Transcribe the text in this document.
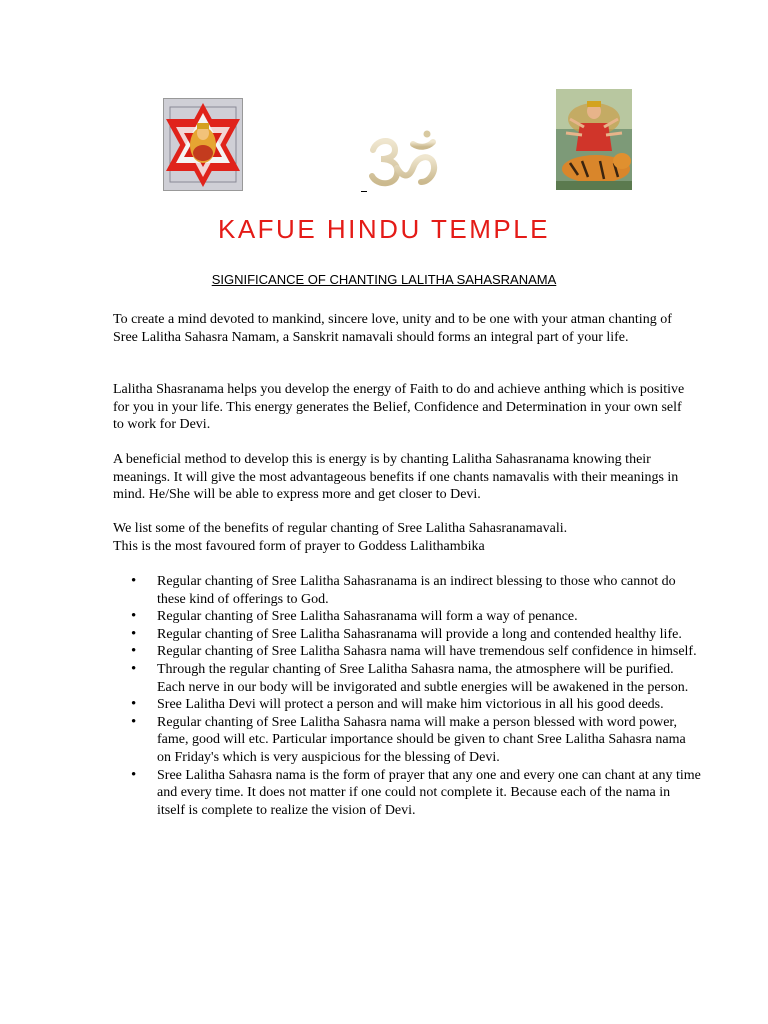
KAFUE HINDU TEMPLE
SIGNIFICANCE OF CHANTING LALITHA SAHASRANAMA

To create a mind devoted to mankind, sincere love, unity and to be one with your atman chanting of Sree Lalitha Sahasra Namam, a Sanskrit namavali should forms an integral part of your life.

Lalitha Shasranama helps you develop the energy of Faith to do and achieve anthing which is positive for you in your life. This energy generates the Belief, Confidence and Determination in your own self to work for Devi.

A beneficial method to develop this is energy is by chanting Lalitha Sahasranama knowing their meanings. It will give the most advantageous benefits if one chants namavalis with their meanings in mind. He/She will be able to express more and get closer to Devi.

We list some of the benefits of regular chanting of Sree Lalitha Sahasranamavali.

This is the most favoured form of prayer to Goddess Lalithambika

• Regular chanting of Sree Lalitha Sahasranama is an indirect blessing to those who cannot do these kind of offerings to God.
• Regular chanting of Sree Lalitha Sahasranama will form a way of penance.
• Regular chanting of Sree Lalitha Sahasranama will provide a long and contended healthy life.
• Regular chanting of Sree Lalitha Sahasra nama will have tremendous self confidence in himself.
• Through the regular chanting of Sree Lalitha Sahasra nama, the atmosphere will be purified. Each nerve in our body will be invigorated and subtle energies will be awakened in the person.
• Sree Lalitha Devi will protect a person and will make him victorious in all his good deeds.
• Regular chanting of Sree Lalitha Sahasra nama will make a person blessed with word power, fame, good will etc. Particular importance should be given to chant Sree Lalitha Sahasra nama on Friday's which is very auspicious for the blessing of Devi.
• Sree Lalitha Sahasra nama is the form of prayer that any one and every one can chant at any time and every time. It does not matter if one could not complete it. Because each of the nama in itself is complete to realize the vision of Devi.
